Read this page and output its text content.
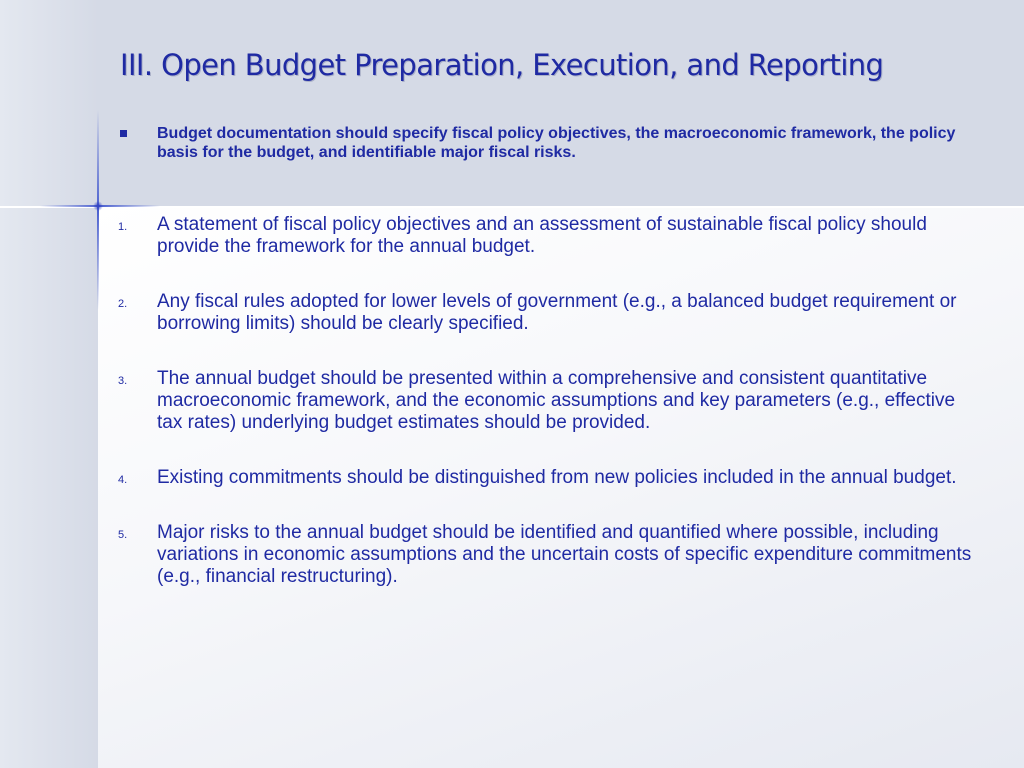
III. Open Budget Preparation, Execution, and Reporting

Budget documentation should specify fiscal policy objectives, the macroeconomic framework, the policy basis for the budget, and identifiable major fiscal risks.

1.	A statement of fiscal policy objectives and an assessment of sustainable fiscal policy should provide the framework for the annual budget.

2.	Any fiscal rules adopted for lower levels of government (e.g., a balanced budget requirement or borrowing limits) should be clearly specified.

3.	The annual budget should be presented within a comprehensive and consistent quantitative macroeconomic framework, and the economic assumptions and key parameters (e.g., effective tax rates) underlying budget estimates should be provided.

4.	Existing commitments should be distinguished from new policies included in the annual budget.

5.	Major risks to the annual budget should be identified and quantified where possible, including variations in economic assumptions and the uncertain costs of specific expenditure commitments (e.g., financial restructuring).
